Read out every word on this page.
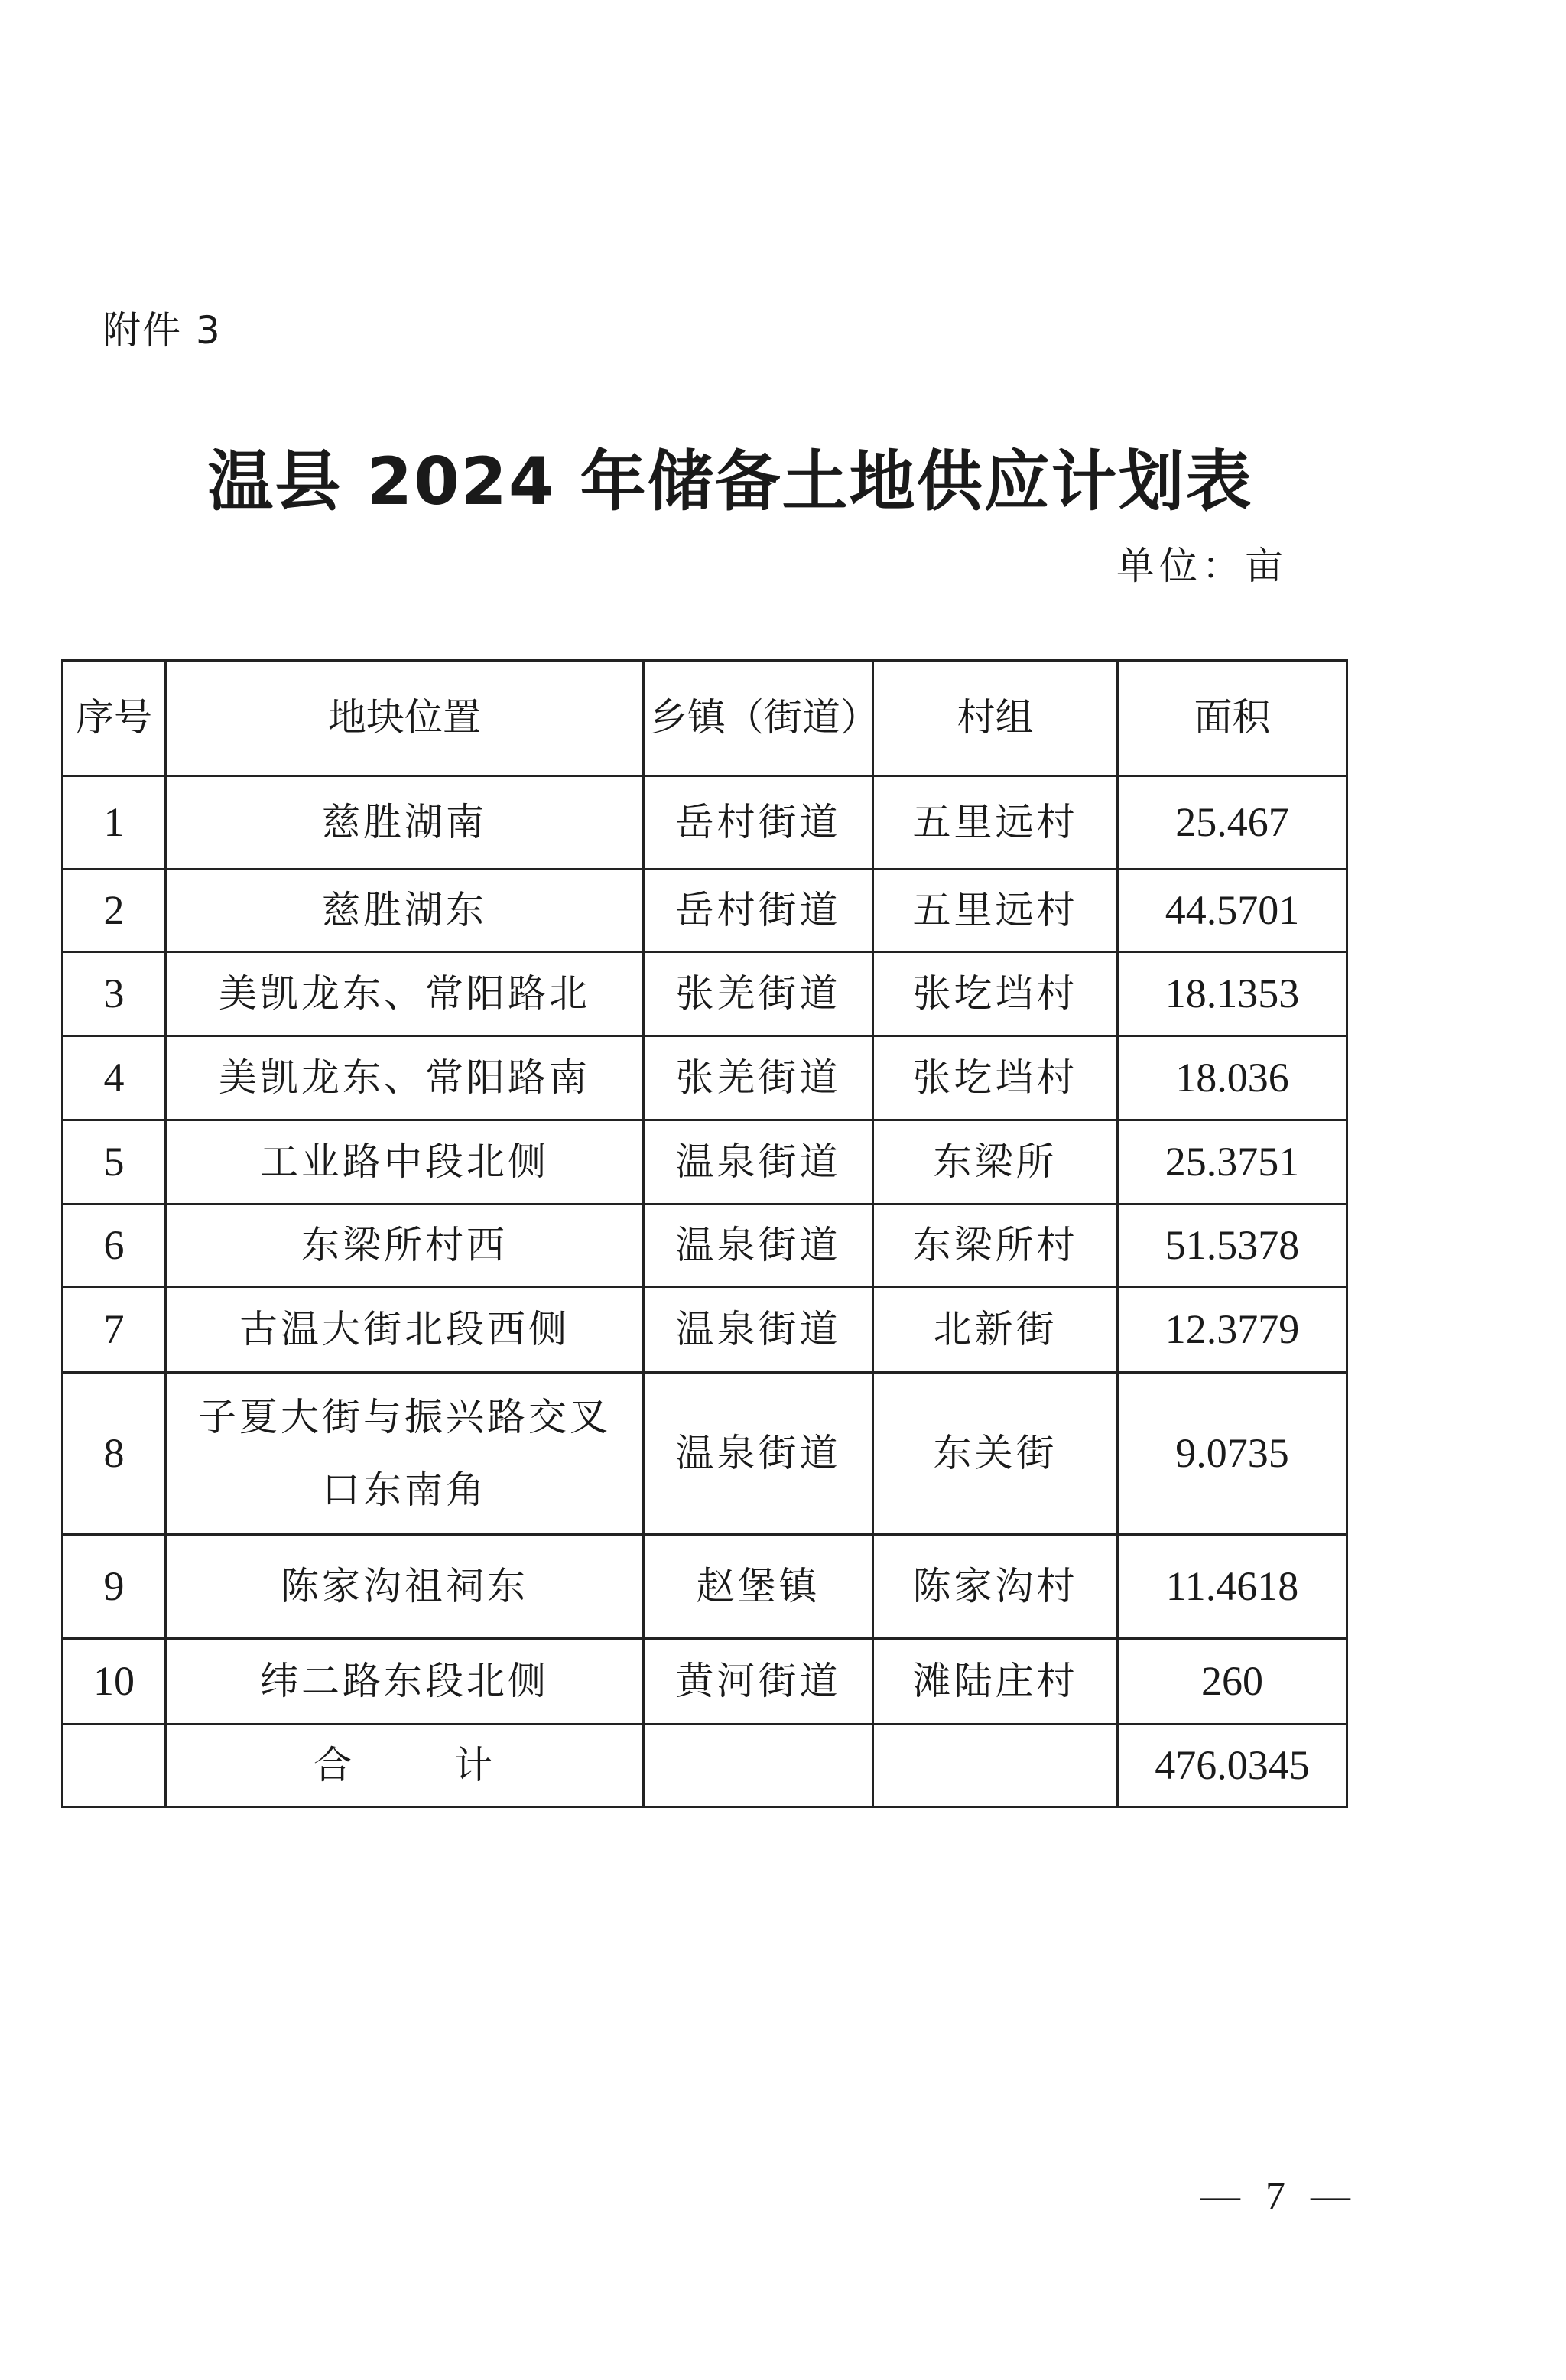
附件 3
温县 2024 年储备土地供应计划表
单位：亩
序号	地块位置	乡镇（街道）	村组	面积
1	慈胜湖南	岳村街道	五里远村	25.467
2	慈胜湖东	岳村街道	五里远村	44.5701
3	美凯龙东、常阳路北	张羌街道	张圪垱村	18.1353
4	美凯龙东、常阳路南	张羌街道	张圪垱村	18.036
5	工业路中段北侧	温泉街道	东梁所	25.3751
6	东梁所村西	温泉街道	东梁所村	51.5378
7	古温大街北段西侧	温泉街道	北新街	12.3779
8	子夏大街与振兴路交叉口东南角	温泉街道	东关街	9.0735
9	陈家沟祖祠东	赵堡镇	陈家沟村	11.4618
10	纬二路东段北侧	黄河街道	滩陆庄村	260
	合 计			476.0345
— 7 —
